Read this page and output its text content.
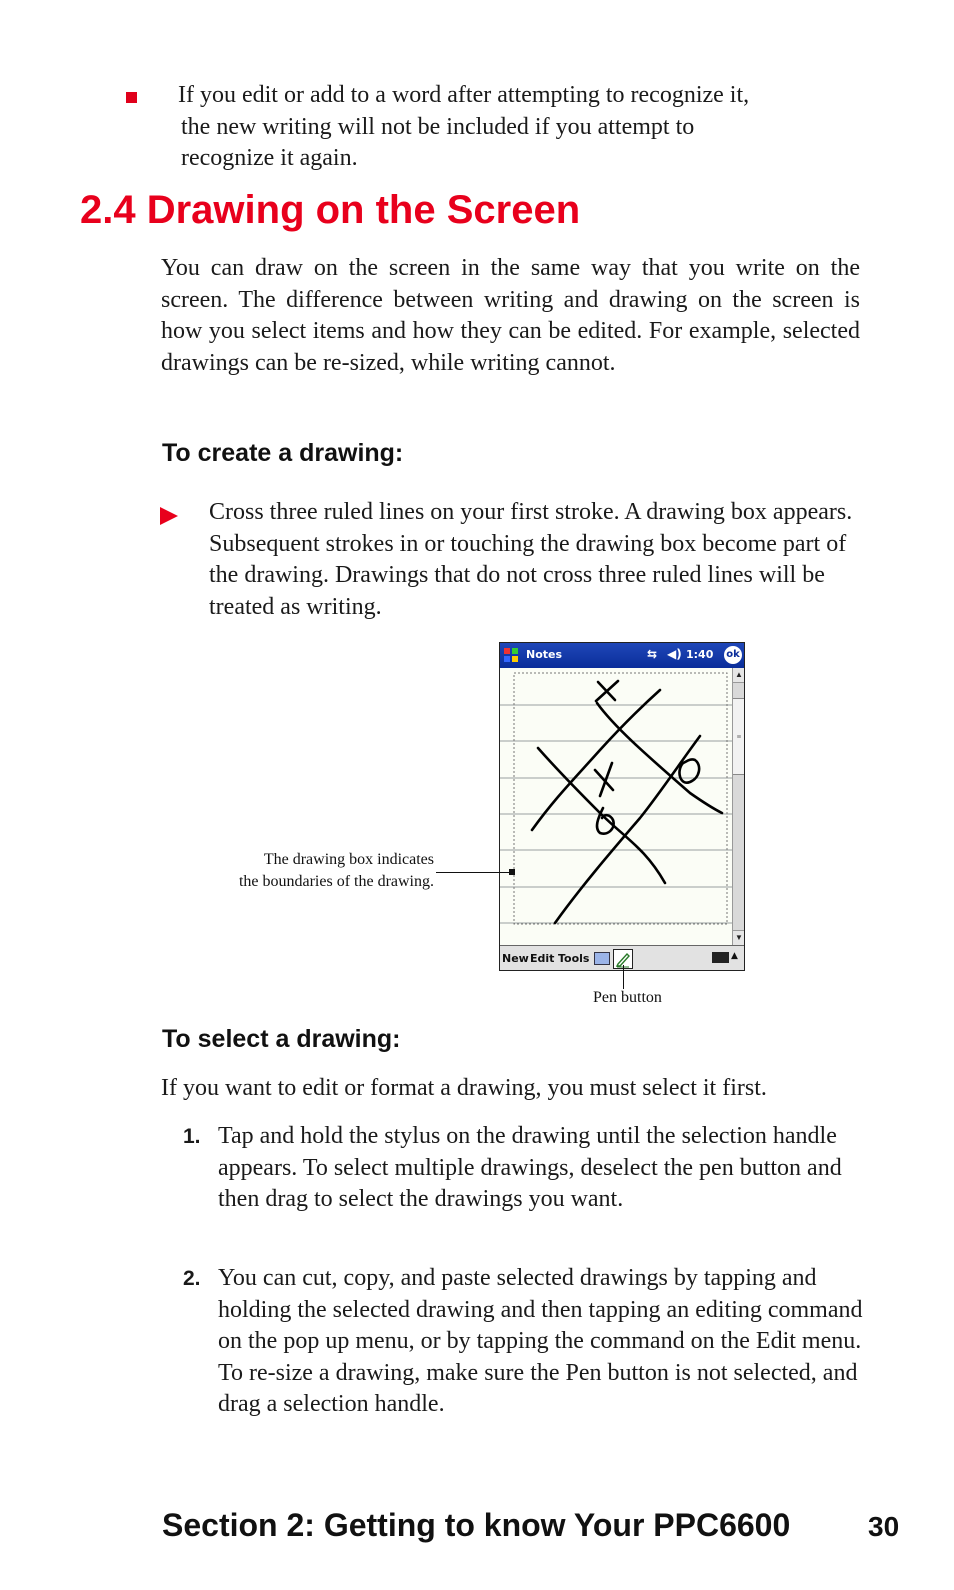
If you edit or add to a word after attempting to recognize it,
the new writing will not be included if you attempt to
recognize it again.
2.4 Drawing on the Screen

You can draw on the screen in the same way that you write on the screen. The difference between writing and drawing on the screen is how you select items and how they can be edited. For example, selected drawings can be re-sized, while writing cannot.

To create a drawing:

Cross three ruled lines on your first stroke. A drawing box appears. Subsequent strokes in or touching the drawing box become part of the drawing. Drawings that do not cross three ruled lines will be treated as writing.

Notes	⇆ ◀) 1:40 ok
▲
≡
▼
New Edit Tools	▲
The drawing box indicates
the boundaries of the drawing.
Pen button
To select a drawing:

If you want to edit or format a drawing, you must select it first.

1. Tap and hold the stylus on the drawing until the selection handle appears. To select multiple drawings, deselect the pen button and then drag to select the drawings you want.

2. You can cut, copy, and paste selected drawings by tapping and holding the selected drawing and then tapping an editing command on the pop up menu, or by tapping the command on the Edit menu. To re-size a drawing, make sure the Pen button is not selected, and drag a selection handle.

Section 2: Getting to know Your PPC6600	30
